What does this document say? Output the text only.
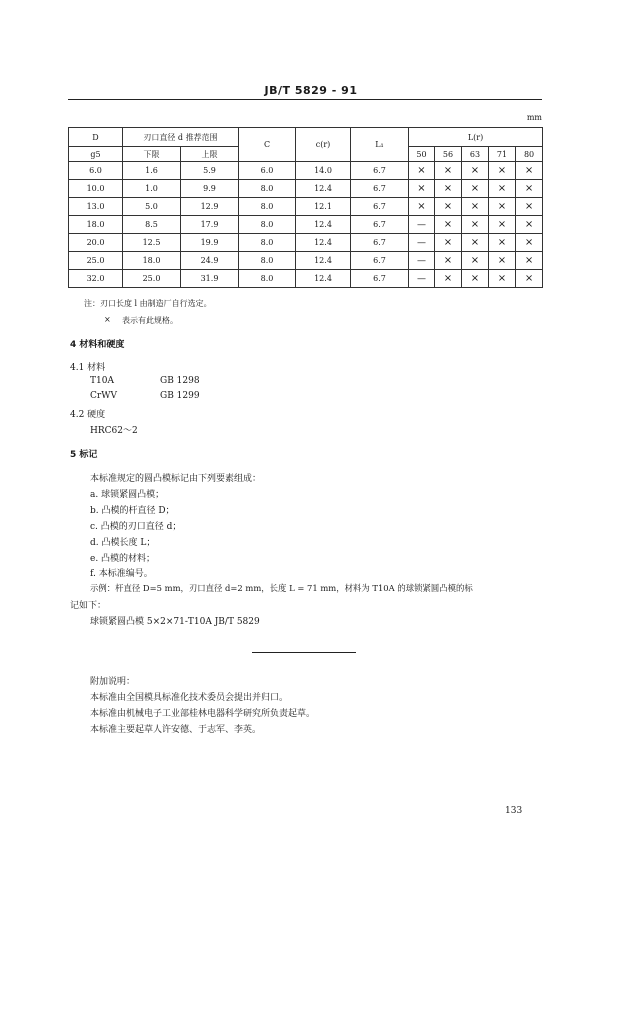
JB/T 5829 - 91
mm
D	刃口直径 d 推荐范围		C	c(r)	L₁	L(r)				
g5	下限	上限				50	56	63	71	80
6.0	1.6	5.9	6.0	14.0	6.7	×	×	×	×	×
10.0	1.0	9.9	8.0	12.4	6.7	×	×	×	×	×
13.0	5.0	12.9	8.0	12.1	6.7	×	×	×	×	×
18.0	8.5	17.9	8.0	12.4	6.7	—	×	×	×	×
20.0	12.5	19.9	8.0	12.4	6.7	—	×	×	×	×
25.0	18.0	24.9	8.0	12.4	6.7	—	×	×	×	×
32.0	25.0	31.9	8.0	12.4	6.7	—	×	×	×	×
注：刃口长度 l 由制造厂自行选定。
× 表示有此规格。
4 材料和硬度
4.1 材料
T10A	GB 1298
CrWV	GB 1299
4.2 硬度
HRC62～2
5 标记
本标准规定的圆凸模标记由下列要素组成：
a. 球锁紧圆凸模；
b. 凸模的杆直径 D；
c. 凸模的刃口直径 d；
d. 凸模长度 L；
e. 凸模的材料；
f. 本标准编号。
示例：杆直径 D=5 mm，刃口直径 d=2 mm，长度 L = 71 mm，材料为 T10A 的球锁紧圆凸模的标
记如下：
球锁紧圆凸模 5×2×71-T10A JB/T 5829
附加说明：
本标准由全国模具标准化技术委员会提出并归口。
本标准由机械电子工业部桂林电器科学研究所负责起草。
本标准主要起草人许安德、于志军、李英。
133
